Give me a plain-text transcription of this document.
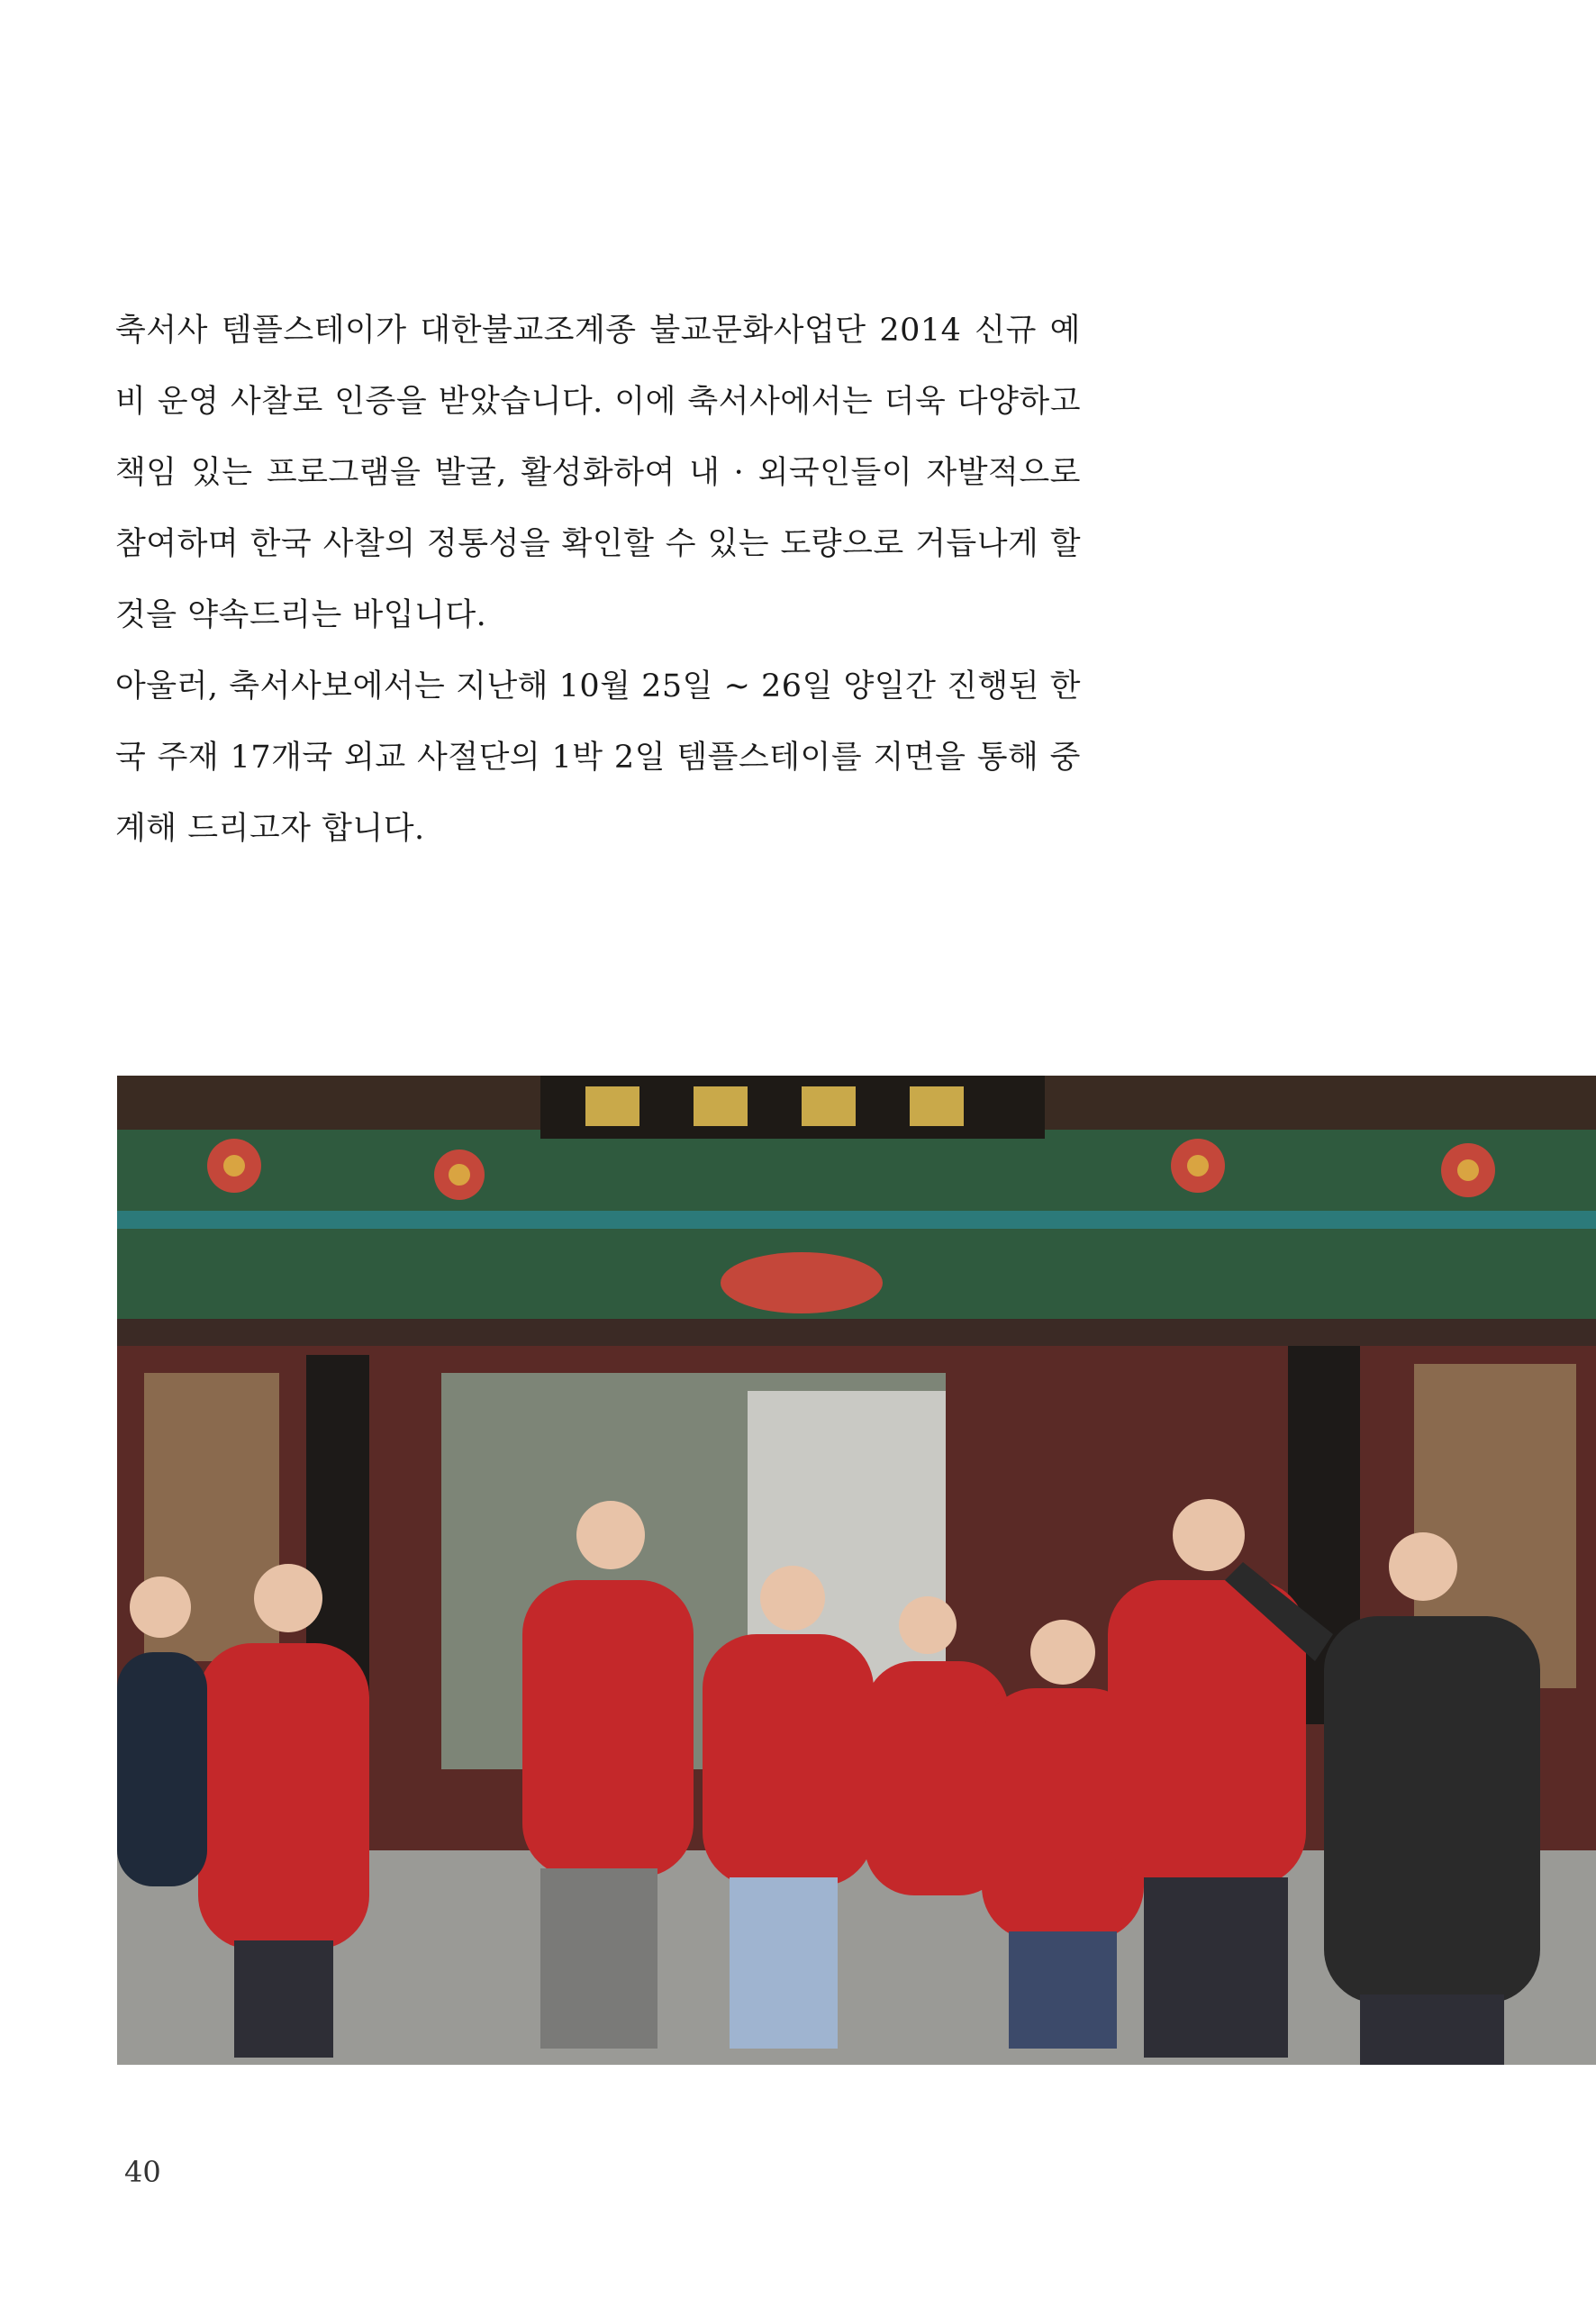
축서사 템플스테이가 대한불교조계종 불교문화사업단 2014 신규 예비 운영 사찰로 인증을 받았습니다. 이에 축서사에서는 더욱 다양하고 책임 있는 프로그램을 발굴, 활성화하여 내 · 외국인들이 자발적으로 참여하며 한국 사찰의 정통성을 확인할 수 있는 도량으로 거듭나게 할 것을 약속드리는 바입니다.

아울러, 축서사보에서는 지난해 10월 25일 ~ 26일 양일간 진행된 한국 주재 17개국 외교 사절단의 1박 2일 템플스테이를 지면을 통해 중계해 드리고자 합니다.

40
